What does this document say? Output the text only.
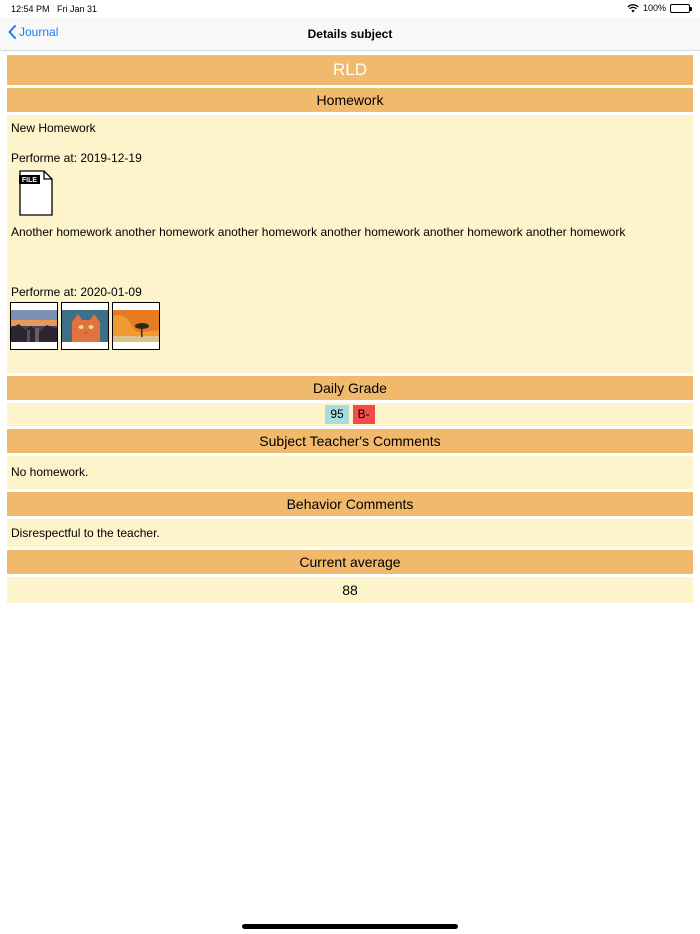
12:54 PM Fri Jan 31	100%
Journal	Details subject
RLD
Homework
New Homework
Performe at: 2019-12-19
FILE
Another homework another homework another homework another homework another homework another homework
Performe at: 2020-01-09
Daily Grade
95	B-
Subject Teacher's Comments
No homework.
Behavior Comments
Disrespectful to the teacher.
Current average
88
